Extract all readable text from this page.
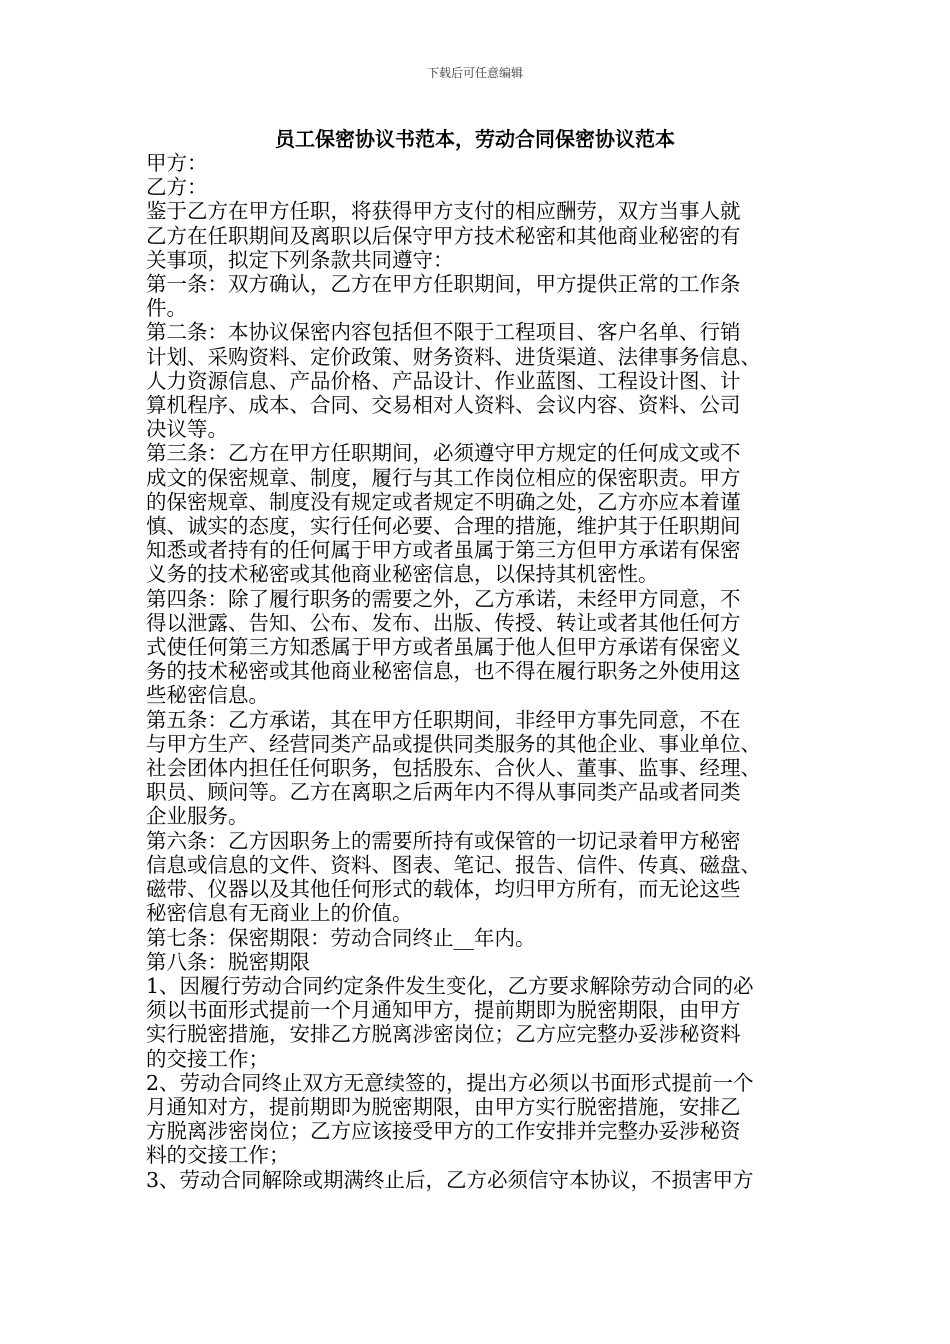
下载后可任意编辑
员工保密协议书范本，劳动合同保密协议范本
甲方：
乙方：
鉴于乙方在甲方任职，将获得甲方支付的相应酬劳，双方当事人就
乙方在任职期间及离职以后保守甲方技术秘密和其他商业秘密的有
关事项，拟定下列条款共同遵守：
第一条：双方确认，乙方在甲方任职期间，甲方提供正常的工作条
件。
第二条：本协议保密内容包括但不限于工程项目、客户名单、行销
计划、采购资料、定价政策、财务资料、进货渠道、法律事务信息、
人力资源信息、产品价格、产品设计、作业蓝图、工程设计图、计
算机程序、成本、合同、交易相对人资料、会议内容、资料、公司
决议等。
第三条：乙方在甲方任职期间，必须遵守甲方规定的任何成文或不
成文的保密规章、制度，履行与其工作岗位相应的保密职责。甲方
的保密规章、制度没有规定或者规定不明确之处，乙方亦应本着谨
慎、诚实的态度，实行任何必要、合理的措施，维护其于任职期间
知悉或者持有的任何属于甲方或者虽属于第三方但甲方承诺有保密
义务的技术秘密或其他商业秘密信息，以保持其机密性。
第四条：除了履行职务的需要之外，乙方承诺，未经甲方同意，不
得以泄露、告知、公布、发布、出版、传授、转让或者其他任何方
式使任何第三方知悉属于甲方或者虽属于他人但甲方承诺有保密义
务的技术秘密或其他商业秘密信息，也不得在履行职务之外使用这
些秘密信息。
第五条：乙方承诺，其在甲方任职期间，非经甲方事先同意，不在
与甲方生产、经营同类产品或提供同类服务的其他企业、事业单位、
社会团体内担任任何职务，包括股东、合伙人、董事、监事、经理、
职员、顾问等。乙方在离职之后两年内不得从事同类产品或者同类
企业服务。
第六条：乙方因职务上的需要所持有或保管的一切记录着甲方秘密
信息或信息的文件、资料、图表、笔记、报告、信件、传真、磁盘、
磁带、仪器以及其他任何形式的载体，均归甲方所有，而无论这些
秘密信息有无商业上的价值。
第七条：保密期限：劳动合同终止__年内。
第八条：脱密期限
1、因履行劳动合同约定条件发生变化，乙方要求解除劳动合同的必
须以书面形式提前一个月通知甲方，提前期即为脱密期限，由甲方
实行脱密措施，安排乙方脱离涉密岗位；乙方应完整办妥涉秘资料
的交接工作；
2、劳动合同终止双方无意续签的，提出方必须以书面形式提前一个
月通知对方，提前期即为脱密期限，由甲方实行脱密措施，安排乙
方脱离涉密岗位；乙方应该接受甲方的工作安排并完整办妥涉秘资
料的交接工作；
3、劳动合同解除或期满终止后，乙方必须信守本协议，不损害甲方
